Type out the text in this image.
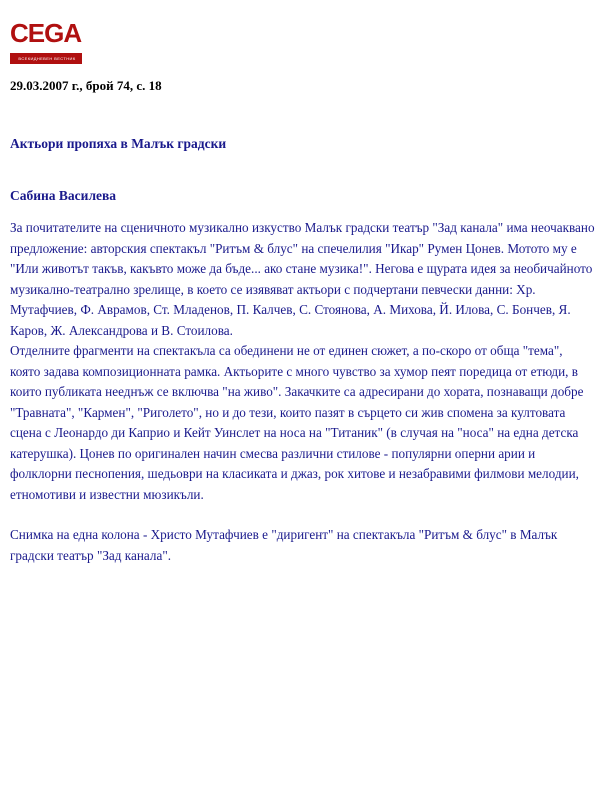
CEGA
ВСЕКИДНЕВЕН ВЕСТНИК
29.03.2007 г., брой 74, с. 18
Актьори пропяха в Малък градски
Сабина Василева

За почитателите на сценичното музикално изкуство Малък градски театър "Зад канала" има неочаквано предложение: авторския спектакъл "Ритъм & блус" на спечелилия "Икар" Румен Цонев. Мотото му е "Или животът такъв, какъвто може да бъде... ако стане музика!". Негова е щурата идея за необичайното музикално-театрално зрелище, в което се изявяват актьори с подчертани певчески данни: Хр. Мутафчиев, Ф. Аврамов, Ст. Младенов, П. Калчев, С. Стоянова, А. Михова, Й. Илова, С. Бончев, Я. Каров, Ж. Александрова и В. Стоилова.

Отделните фрагменти на спектакъла са обединени не от единен сюжет, а по-скоро от обща "тема", която задава композиционната рамка. Актьорите с много чувство за хумор пеят поредица от етюди, в които публиката нееднъж се включва "на живо". Закачките са адресирани до хората, познаващи добре "Травната", "Кармен", "Риголето", но и до тези, които пазят в сърцето си жив спомена за култовата сцена с Леонардо ди Каприо и Кейт Уинслет на носа на "Титаник" (в случая на "носа" на една детска катерушка). Цонев по оригинален начин смесва различни стилове - популярни оперни арии и фолклорни песнопения, шедьоври на класиката и джаз, рок хитове и незабравими филмови мелодии, етномотиви и известни мюзикъли.

Снимка на една колона - Христо Мутафчиев е "диригент" на спектакъла "Ритъм & блус" в Малък градски театър "Зад канала".
